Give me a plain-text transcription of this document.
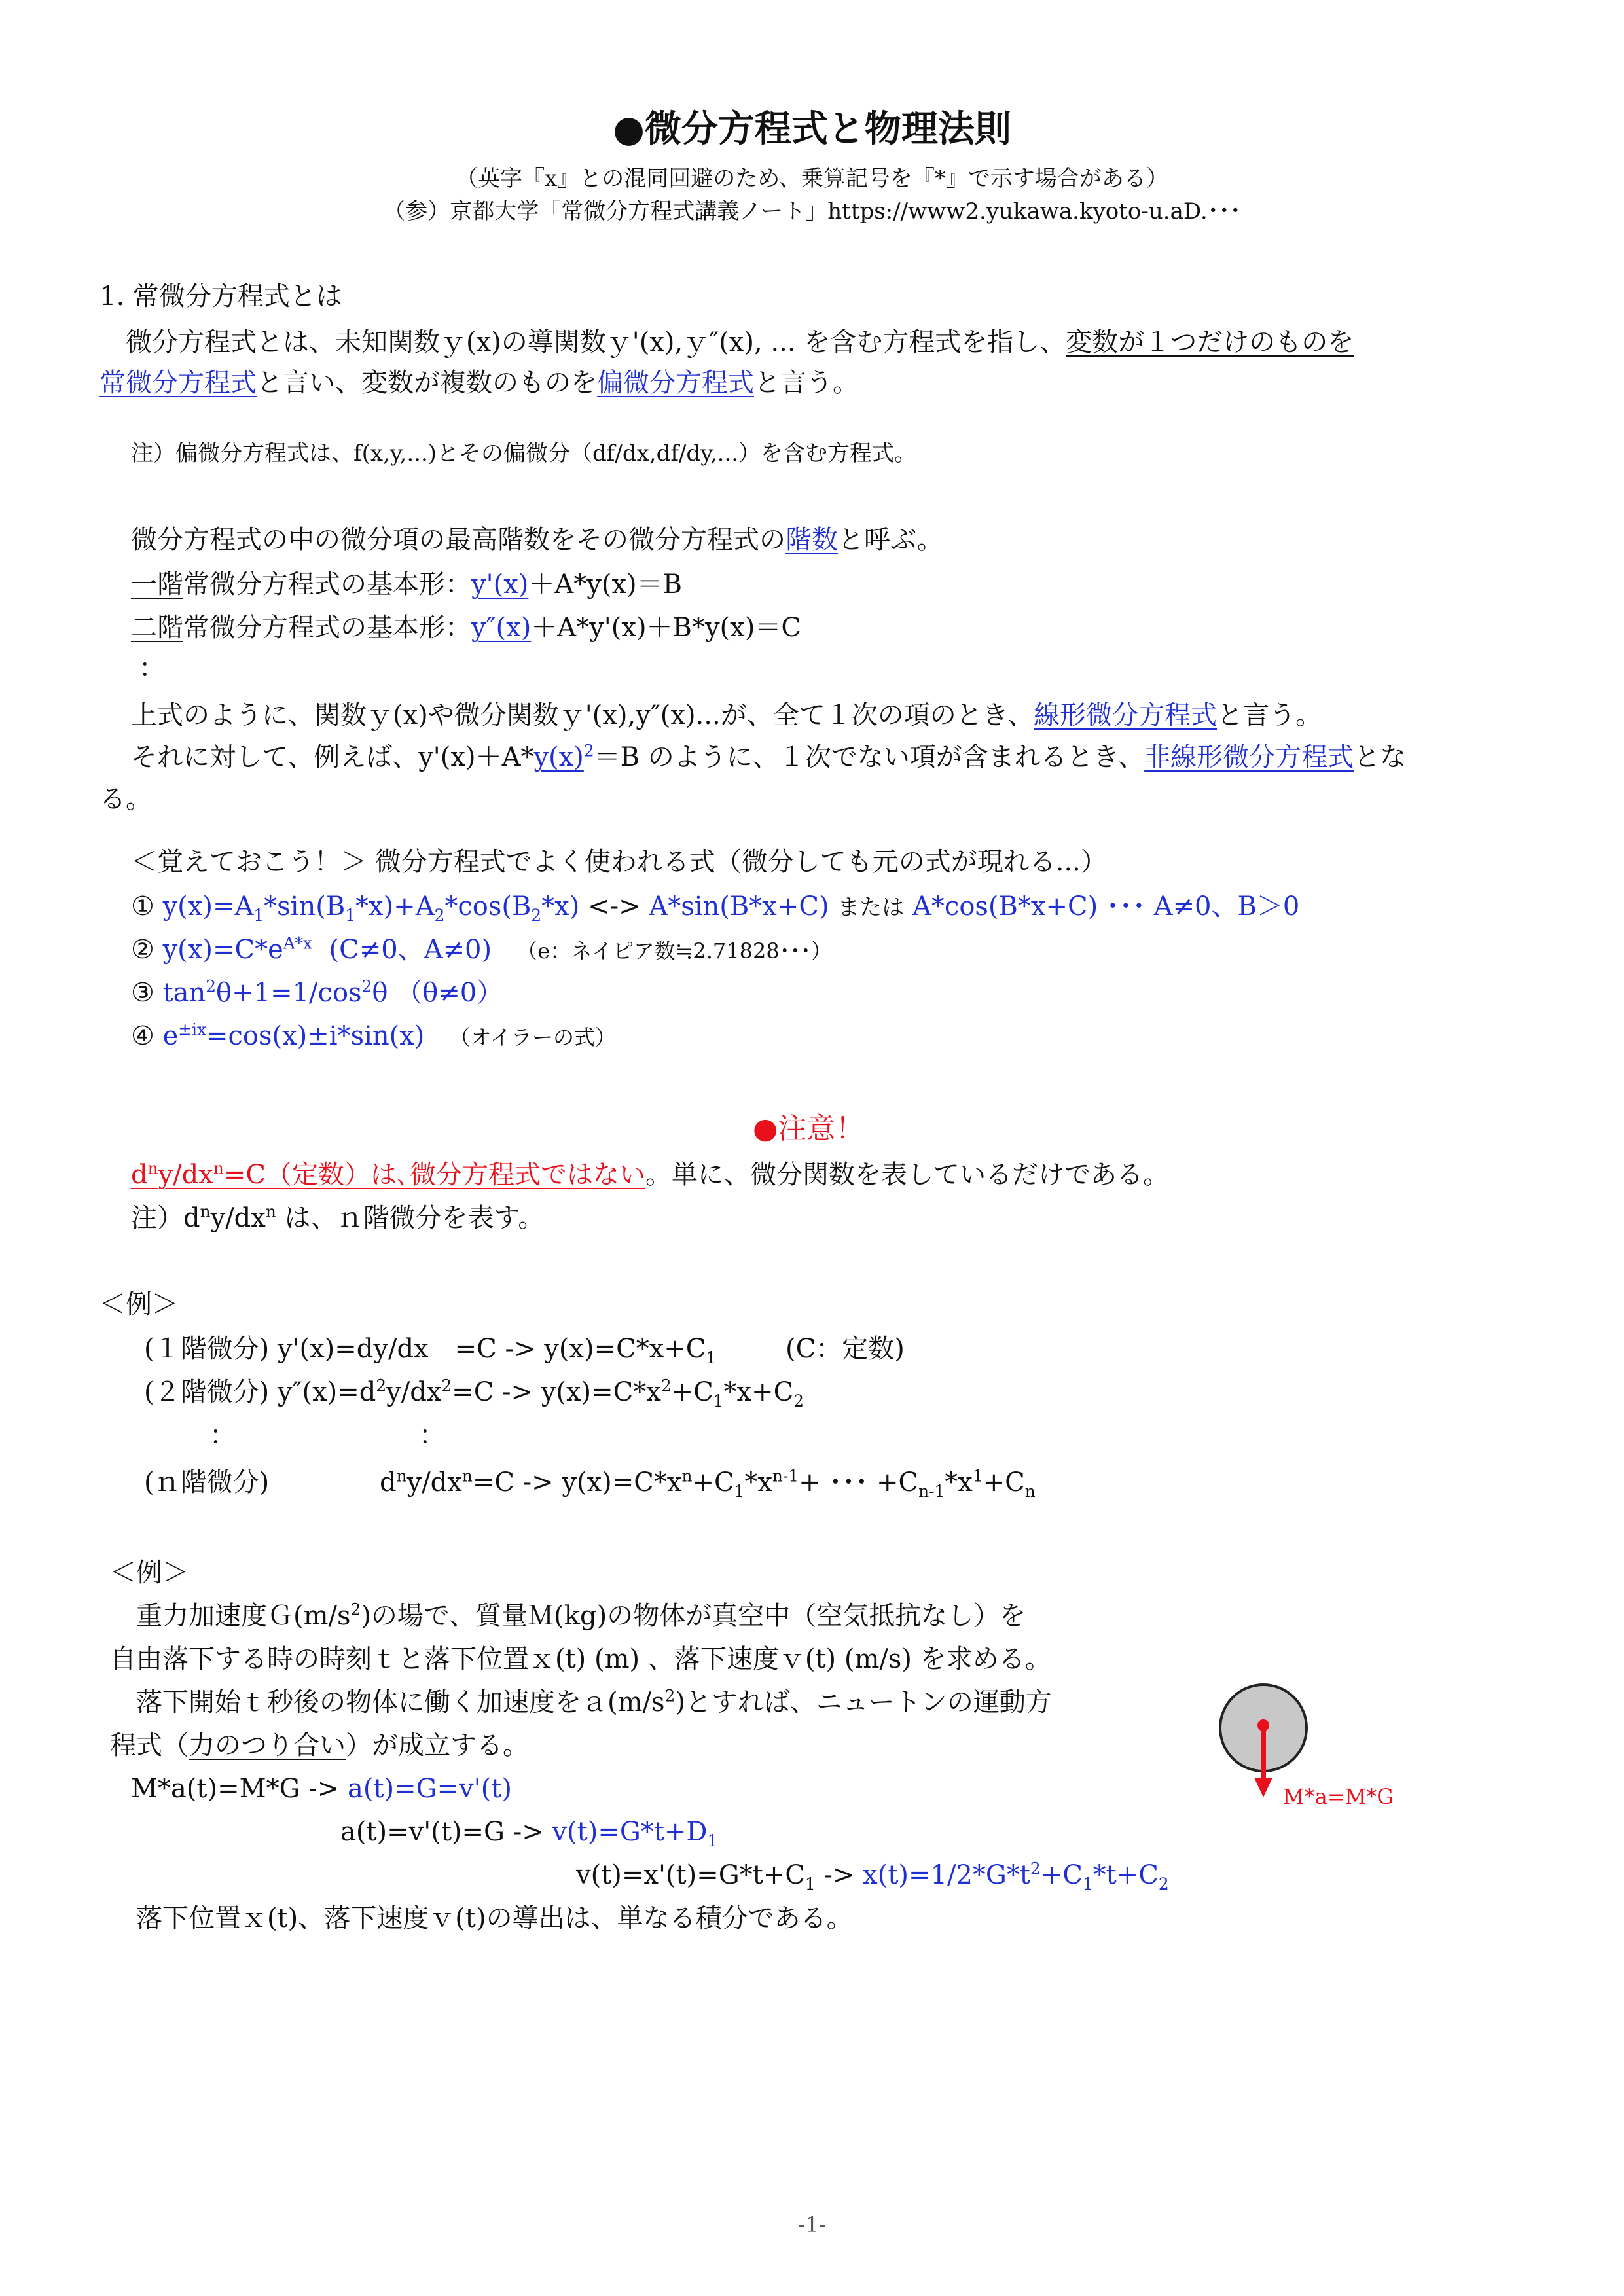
●微分方程式と物理法則
（英字『x』との混同回避のため、乗算記号を『*』で示す場合がある）
（参）京都大学「常微分方程式講義ノート」https://www2.yukawa.kyoto-u.aD.･･･
1. 常微分方程式とは
　微分方程式とは、未知関数ｙ(x)の導関数ｙ'(x),ｙ″(x), ... を含む方程式を指し、変数が１つだけのものを
常微分方程式と言い、変数が複数のものを偏微分方程式と言う。
注）偏微分方程式は、f(x,y,...)とその偏微分（df/dx,df/dy,...）を含む方程式。
微分方程式の中の微分項の最高階数をその微分方程式の階数と呼ぶ。
一階常微分方程式の基本形：y'(x)＋A*y(x)＝B
二階常微分方程式の基本形：y″(x)＋A*y'(x)＋B*y(x)＝C
：
上式のように、関数ｙ(x)や微分関数ｙ'(x),y″(x)...が、全て１次の項のとき、線形微分方程式と言う。
それに対して、例えば、$y'(x)+A*y(x)^2=B$ のように、１次でない項が含まれるとき、非線形微分方程式とな
る。
＜覚えておこう！＞ 微分方程式でよく使われる式（微分しても元の式が現れる...）
① $y(x)=A_1*\sin(B_1*x)+A_2*\cos(B_2*x)$ <-> A*sin(B*x+C) または A*cos(B*x+C) ･･･ A≠0、B＞0
② $y(x)=C*e^{A*x}$ (C≠0、A≠0) （e：ネイピア数≒2.71828･･･）
③ $\tan^2\theta+1=1/\cos^2\theta$ （θ≠0）
④ $e^{\pm ix}=\cos(x)\pm i*\sin(x)$ （オイラーの式）
●注意！
$d^ny/dx^n=C$（定数）は､微分方程式ではない。単に、微分関数を表しているだけである。
注）$d^ny/dx^n$ は、ｎ階微分を表す。
＜例＞
(１階微分) y'(x)=dy/dx　$=C -> y(x)=C*x+C_1$	(C：定数)
(２階微分) $y''(x)=d^2y/dx^2=C -> y(x)=C*x^2+C_1*x+C_2$
：	：
(ｎ階微分)	$d^ny/dx^n=C -> y(x)=C*x^n+C_1*x^{n-1}+$ ･･･ $+C_{n-1}*x^1+C_n$
＜例＞
　重力加速度$G(m/s^2)$の場で、質量Ｍ(kg)の物体が真空中（空気抵抗なし）を
自由落下する時の時刻ｔと落下位置ｘ(t) (m) 、落下速度ｖ(t) (m/s) を求める。
　落下開始ｔ秒後の物体に働く加速度を$a(m/s^2)$とすれば、ニュートンの運動方
程式（力のつり合い）が成立する。
M*a(t)=M*G -> a(t)=G=v'(t)
$a(t)=v'(t)=G -> v(t)=G*t+D_1$
$v(t)=x'(t)=G*t+C_1 -> x(t)=1/2*G*t^2+C_1*t+C_2$
　落下位置ｘ(t)、落下速度ｖ(t)の導出は、単なる積分である。
M*a=M*G
-1-
